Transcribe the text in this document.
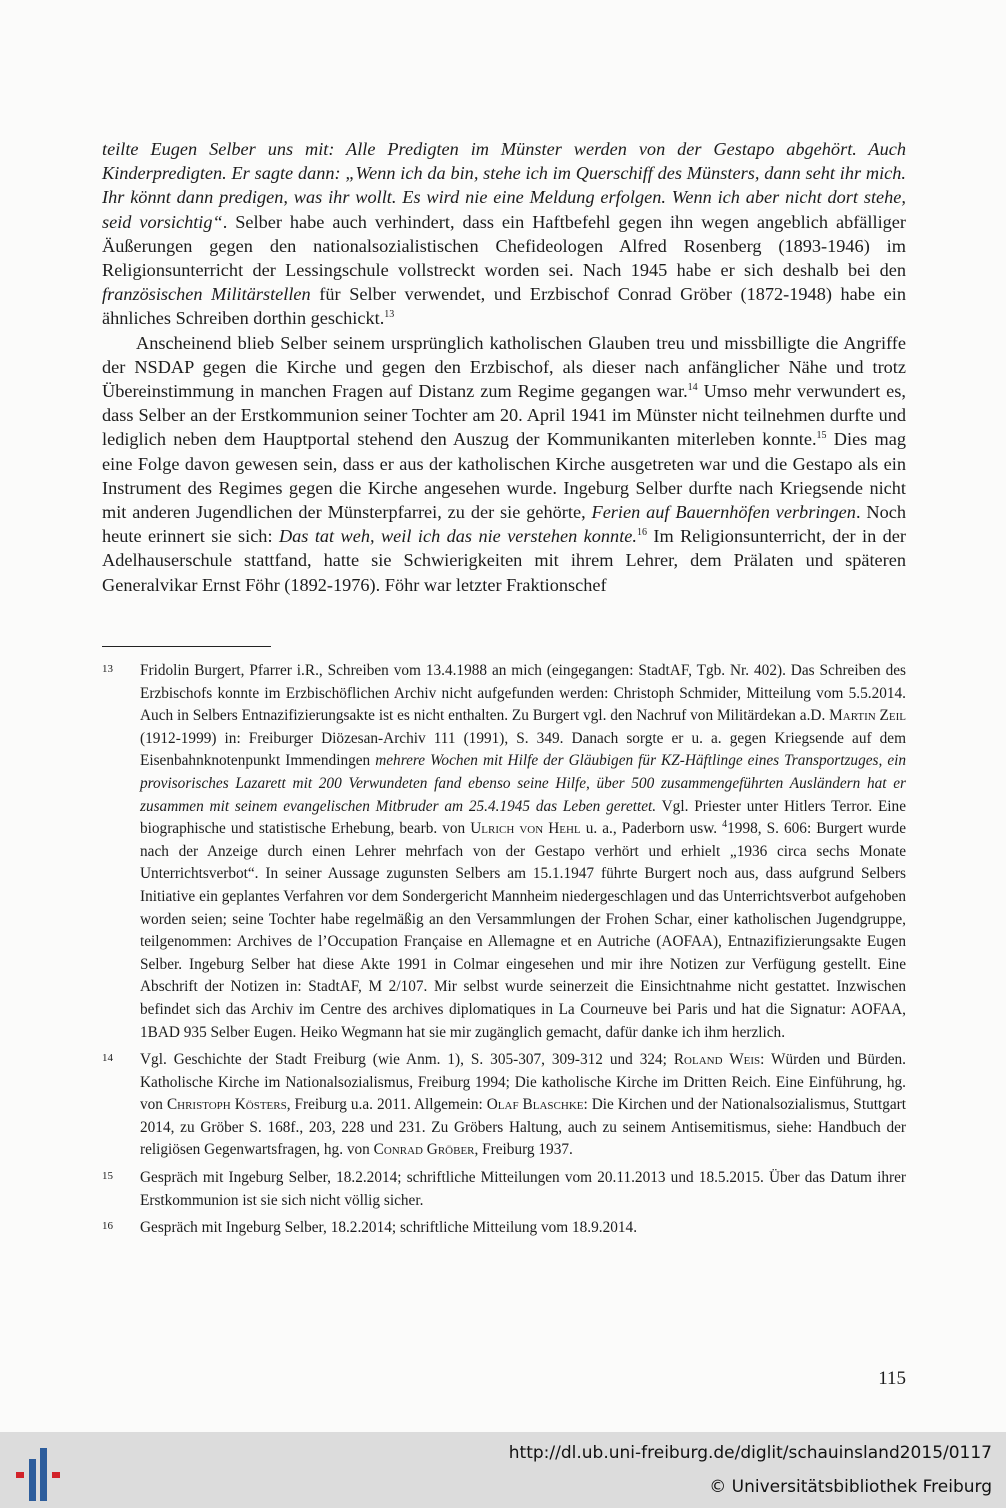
teilte Eugen Selber uns mit: Alle Predigten im Münster werden von der Gestapo abgehört. Auch Kinderpredigten. Er sagte dann: „Wenn ich da bin, stehe ich im Querschiff des Münsters, dann seht ihr mich. Ihr könnt dann predigen, was ihr wollt. Es wird nie eine Meldung erfolgen. Wenn ich aber nicht dort stehe, seid vorsichtig“. Selber habe auch verhindert, dass ein Haftbefehl gegen ihn wegen angeblich abfälliger Äußerungen gegen den nationalsozialistischen Chefideologen Alfred Rosenberg (1893-1946) im Religionsunterricht der Lessingschule vollstreckt worden sei. Nach 1945 habe er sich deshalb bei den französischen Militärstellen für Selber verwendet, und Erzbischof Conrad Gröber (1872-1948) habe ein ähnliches Schreiben dorthin geschickt.$^{13}$

Anscheinend blieb Selber seinem ursprünglich katholischen Glauben treu und missbilligte die Angriffe der NSDAP gegen die Kirche und gegen den Erzbischof, als dieser nach anfänglicher Nähe und trotz Übereinstimmung in manchen Fragen auf Distanz zum Regime gegangen war.$^{14}$ Umso mehr verwundert es, dass Selber an der Erstkommunion seiner Tochter am 20. April 1941 im Münster nicht teilnehmen durfte und lediglich neben dem Hauptportal stehend den Auszug der Kommunikanten miterleben konnte.$^{15}$ Dies mag eine Folge davon gewesen sein, dass er aus der katholischen Kirche ausgetreten war und die Gestapo als ein Instrument des Regimes gegen die Kirche angesehen wurde. Ingeburg Selber durfte nach Kriegsende nicht mit anderen Jugendlichen der Münsterpfarrei, zu der sie gehörte, Ferien auf Bauernhöfen verbringen. Noch heute erinnert sie sich: Das tat weh, weil ich das nie verstehen konnte.$^{16}$ Im Religionsunterricht, der in der Adelhauserschule stattfand, hatte sie Schwierigkeiten mit ihrem Lehrer, dem Prälaten und späteren Generalvikar Ernst Föhr (1892-1976). Föhr war letzter Fraktionschef

13 Fridolin Burgert, Pfarrer i.R., Schreiben vom 13.4.1988 an mich (eingegangen: StadtAF, Tgb. Nr. 402). Das Schreiben des Erzbischofs konnte im Erzbischöflichen Archiv nicht aufgefunden werden: Christoph Schmider, Mitteilung vom 5.5.2014. Auch in Selbers Entnazifizierungsakte ist es nicht enthalten. Zu Burgert vgl. den Nachruf von Militärdekan a.D. Martin Zeil (1912-1999) in: Freiburger Diözesan-Archiv 111 (1991), S. 349. Danach sorgte er u. a. gegen Kriegsende auf dem Eisenbahnknotenpunkt Immendingen mehrere Wochen mit Hilfe der Gläubigen für KZ-Häftlinge eines Transportzuges, ein provisorisches Lazarett mit 200 Verwundeten fand ebenso seine Hilfe, über 500 zusammengeführten Ausländern hat er zusammen mit seinem evangelischen Mitbruder am 25.4.1945 das Leben gerettet. Vgl. Priester unter Hitlers Terror. Eine biographische und statistische Erhebung, bearb. von Ulrich von Hehl u. a., Paderborn usw. $^4$1998, S. 606: Burgert wurde nach der Anzeige durch einen Lehrer mehrfach von der Gestapo verhört und erhielt „1936 circa sechs Monate Unterrichtsverbot“. In seiner Aussage zugunsten Selbers am 15.1.1947 führte Burgert noch aus, dass aufgrund Selbers Initiative ein geplantes Verfahren vor dem Sondergericht Mannheim niedergeschlagen und das Unterrichtsverbot aufgehoben worden seien; seine Tochter habe regelmäßig an den Versammlungen der Frohen Schar, einer katholischen Jugendgruppe, teilgenommen: Archives de l’Occupation Française en Allemagne et en Autriche (AOFAA), Entnazifizierungsakte Eugen Selber. Ingeburg Selber hat diese Akte 1991 in Colmar eingesehen und mir ihre Notizen zur Verfügung gestellt. Eine Abschrift der Notizen in: StadtAF, M 2/107. Mir selbst wurde seinerzeit die Einsichtnahme nicht gestattet. Inzwischen befindet sich das Archiv im Centre des archives diplomatiques in La Courneuve bei Paris und hat die Signatur: AOFAA, 1BAD 935 Selber Eugen. Heiko Wegmann hat sie mir zugänglich gemacht, dafür danke ich ihm herzlich.
14 Vgl. Geschichte der Stadt Freiburg (wie Anm. 1), S. 305-307, 309-312 und 324; Roland Weis: Würden und Bürden. Katholische Kirche im Nationalsozialismus, Freiburg 1994; Die katholische Kirche im Dritten Reich. Eine Einführung, hg. von Christoph Kösters, Freiburg u.a. 2011. Allgemein: Olaf Blaschke: Die Kirchen und der Nationalsozialismus, Stuttgart 2014, zu Gröber S. 168f., 203, 228 und 231. Zu Gröbers Haltung, auch zu seinem Antisemitismus, siehe: Handbuch der religiösen Gegenwartsfragen, hg. von Conrad Gröber, Freiburg 1937.
15 Gespräch mit Ingeburg Selber, 18.2.2014; schriftliche Mitteilungen vom 20.11.2013 und 18.5.2015. Über das Datum ihrer Erstkommunion ist sie sich nicht völlig sicher.
16 Gespräch mit Ingeburg Selber, 18.2.2014; schriftliche Mitteilung vom 18.9.2014.
115
http://dl.ub.uni-freiburg.de/diglit/schauinsland2015/0117
© Universitätsbibliothek Freiburg
